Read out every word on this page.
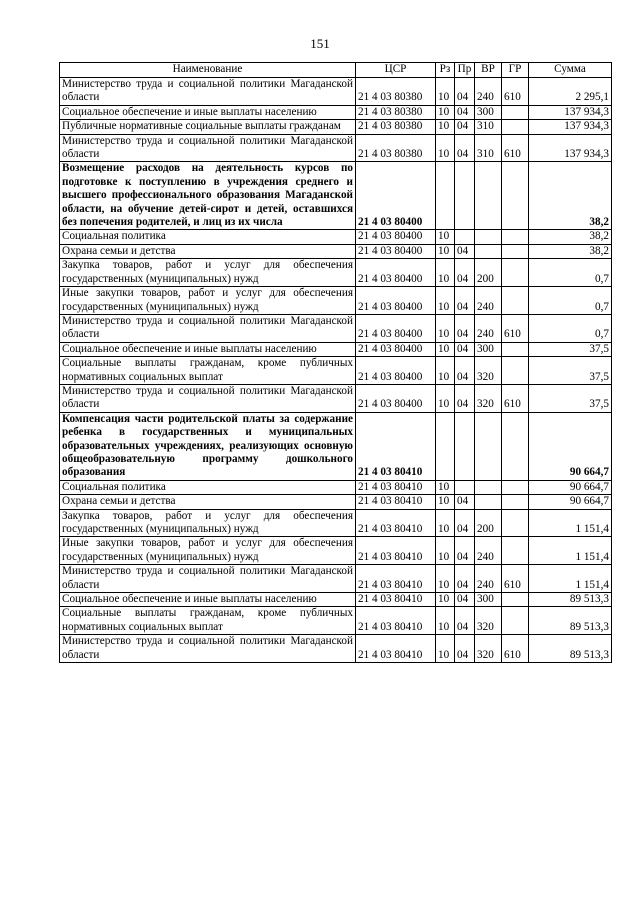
151
Наименование	ЦСР	Рз	Пр	ВР	ГР	Сумма
Министерство труда и социальной политики Магаданской области	21 4 03 80380	10	04	240	610	2 295,1
Социальное обеспечение и иные выплаты населению	21 4 03 80380	10	04	300		137 934,3
Публичные нормативные социальные выплаты гражданам	21 4 03 80380	10	04	310		137 934,3
Министерство труда и социальной политики Магаданской области	21 4 03 80380	10	04	310	610	137 934,3
Возмещение расходов на деятельность курсов по подготовке к поступлению в учреждения среднего и высшего профессионального образования Магаданской области, на обучение детей-сирот и детей, оставшихся без попечения родителей, и лиц из их числа	21 4 03 80400					38,2
Социальная политика	21 4 03 80400	10				38,2
Охрана семьи и детства	21 4 03 80400	10	04			38,2
Закупка товаров, работ и услуг для обеспечения государственных (муниципальных) нужд	21 4 03 80400	10	04	200		0,7
Иные закупки товаров, работ и услуг для обеспечения государственных (муниципальных) нужд	21 4 03 80400	10	04	240		0,7
Министерство труда и социальной политики Магаданской области	21 4 03 80400	10	04	240	610	0,7
Социальное обеспечение и иные выплаты населению	21 4 03 80400	10	04	300		37,5
Социальные выплаты гражданам, кроме публичных нормативных социальных выплат	21 4 03 80400	10	04	320		37,5
Министерство труда и социальной политики Магаданской области	21 4 03 80400	10	04	320	610	37,5
Компенсация части родительской платы за содержание ребенка в государственных и муниципальных образовательных учреждениях, реализующих основную общеобразовательную программу дошкольного образования	21 4 03 80410					90 664,7
Социальная политика	21 4 03 80410	10				90 664,7
Охрана семьи и детства	21 4 03 80410	10	04			90 664,7
Закупка товаров, работ и услуг для обеспечения государственных (муниципальных) нужд	21 4 03 80410	10	04	200		1 151,4
Иные закупки товаров, работ и услуг для обеспечения государственных (муниципальных) нужд	21 4 03 80410	10	04	240		1 151,4
Министерство труда и социальной политики Магаданской области	21 4 03 80410	10	04	240	610	1 151,4
Социальное обеспечение и иные выплаты населению	21 4 03 80410	10	04	300		89 513,3
Социальные выплаты гражданам, кроме публичных нормативных социальных выплат	21 4 03 80410	10	04	320		89 513,3
Министерство труда и социальной политики Магаданской области	21 4 03 80410	10	04	320	610	89 513,3
